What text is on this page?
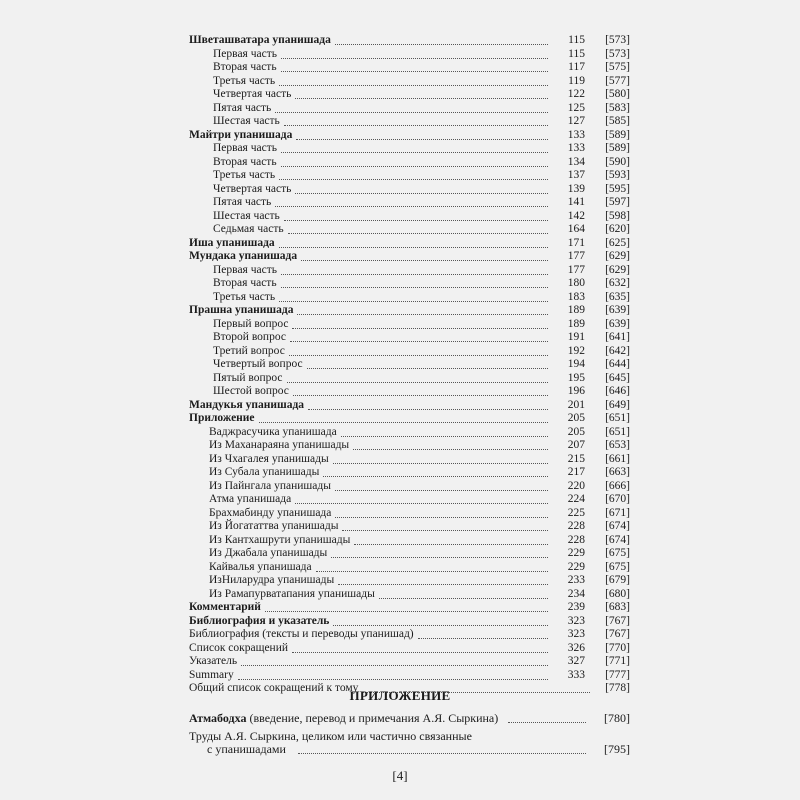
Шветашватара упанишада	115	[573]
Первая часть	115	[573]
Вторая часть	117	[575]
Третья часть	119	[577]
Четвертая часть	122	[580]
Пятая часть	125	[583]
Шестая часть	127	[585]
Майтри упанишада	133	[589]
Первая часть	133	[589]
Вторая часть	134	[590]
Третья часть	137	[593]
Четвертая часть	139	[595]
Пятая часть	141	[597]
Шестая часть	142	[598]
Седьмая часть	164	[620]
Иша упанишада	171	[625]
Мундака упанишада	177	[629]
Первая часть	177	[629]
Вторая часть	180	[632]
Третья часть	183	[635]
Прашна упанишада	189	[639]
Первый вопрос	189	[639]
Второй вопрос	191	[641]
Третий вопрос	192	[642]
Четвертый вопрос	194	[644]
Пятый вопрос	195	[645]
Шестой вопрос	196	[646]
Мандукья упанишада	201	[649]
Приложение	205	[651]
Ваджрасучика упанишада	205	[651]
Из Маханараяна упанишады	207	[653]
Из Чхагалея упанишады	215	[661]
Из Субала упанишады	217	[663]
Из Пайнгала упанишады	220	[666]
Атма упанишада	224	[670]
Брахмабинду упанишада	225	[671]
Из Йогататтва упанишады	228	[674]
Из Кантхашрути упанишады	228	[674]
Из Джабала упанишады	229	[675]
Кайвалья упанишада	229	[675]
ИзНиларудра упанишады	233	[679]
Из Рамапурватапания упанишады	234	[680]
Комментарий	239	[683]
Библиография и указатель	323	[767]
Библиография (тексты и переводы упанишад)	323	[767]
Список сокращений	326	[770]
Указатель	327	[771]
Summary	333	[777]
Общий список сокращений к тому	[778]
ПРИЛОЖЕНИЕ
Атмабодха (введение, перевод и примечания А.Я. Сыркина)	[780]
Труды А.Я. Сыркина, целиком или частично связанные
с упанишадами	[795]
[4]
